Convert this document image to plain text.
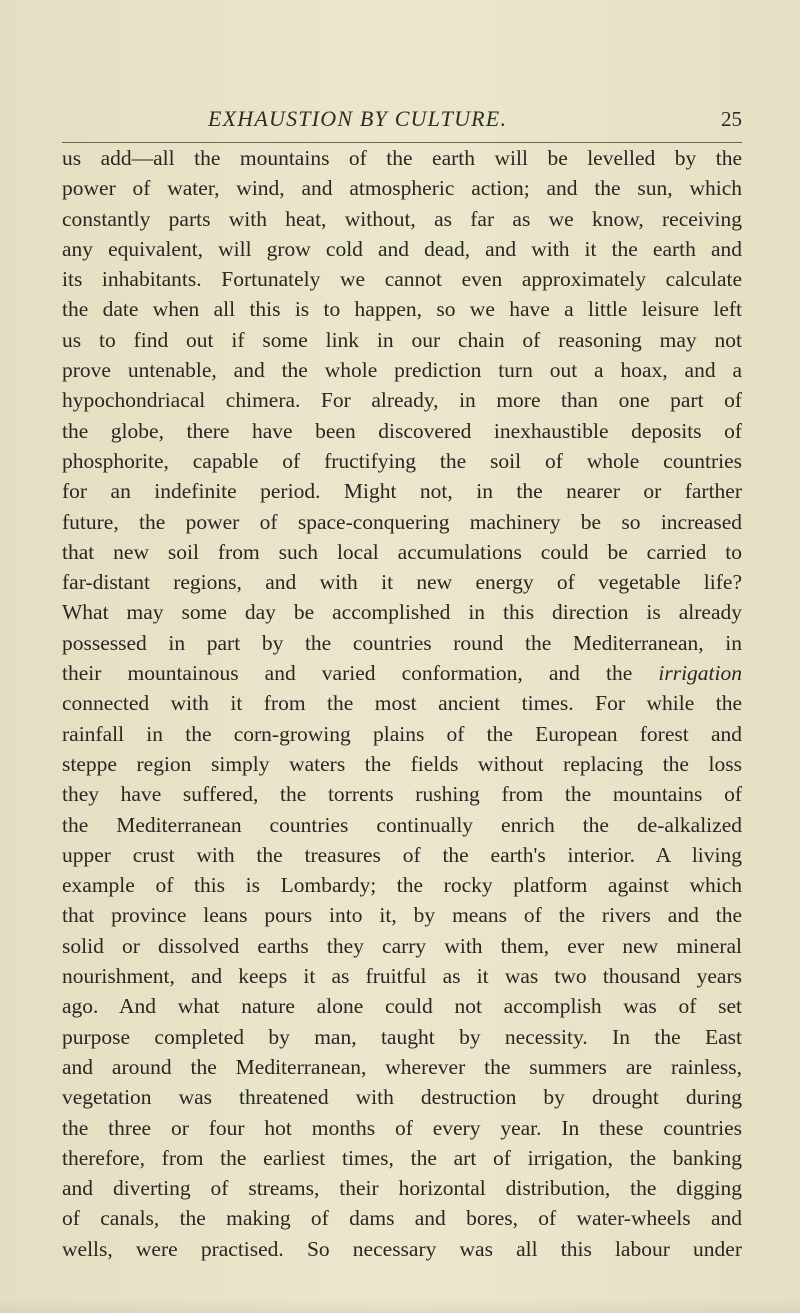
EXHAUSTION BY CULTURE.	25
us add—all the mountains of the earth will be levelled by the
power of water, wind, and atmospheric action; and the sun, which
constantly parts with heat, without, as far as we know, receiving
any equivalent, will grow cold and dead, and with it the earth and
its inhabitants. Fortunately we cannot even approximately calculate
the date when all this is to happen, so we have a little leisure left
us to find out if some link in our chain of reasoning may not
prove untenable, and the whole prediction turn out a hoax, and a
hypochondriacal chimera. For already, in more than one part of
the globe, there have been discovered inexhaustible deposits of
phosphorite, capable of fructifying the soil of whole countries
for an indefinite period. Might not, in the nearer or farther
future, the power of space-conquering machinery be so increased
that new soil from such local accumulations could be carried to
far-distant regions, and with it new energy of vegetable life?
What may some day be accomplished in this direction is already
possessed in part by the countries round the Mediterranean, in
their mountainous and varied conformation, and the irrigation
connected with it from the most ancient times. For while the
rainfall in the corn-growing plains of the European forest and
steppe region simply waters the fields without replacing the loss
they have suffered, the torrents rushing from the mountains of
the Mediterranean countries continually enrich the de-alkalized
upper crust with the treasures of the earth's interior. A living
example of this is Lombardy; the rocky platform against which
that province leans pours into it, by means of the rivers and the
solid or dissolved earths they carry with them, ever new mineral
nourishment, and keeps it as fruitful as it was two thousand years
ago. And what nature alone could not accomplish was of set
purpose completed by man, taught by necessity. In the East
and around the Mediterranean, wherever the summers are rainless,
vegetation was threatened with destruction by drought during
the three or four hot months of every year. In these countries
therefore, from the earliest times, the art of irrigation, the banking
and diverting of streams, their horizontal distribution, the digging
of canals, the making of dams and bores, of water-wheels and
wells, were practised. So necessary was all this labour under
